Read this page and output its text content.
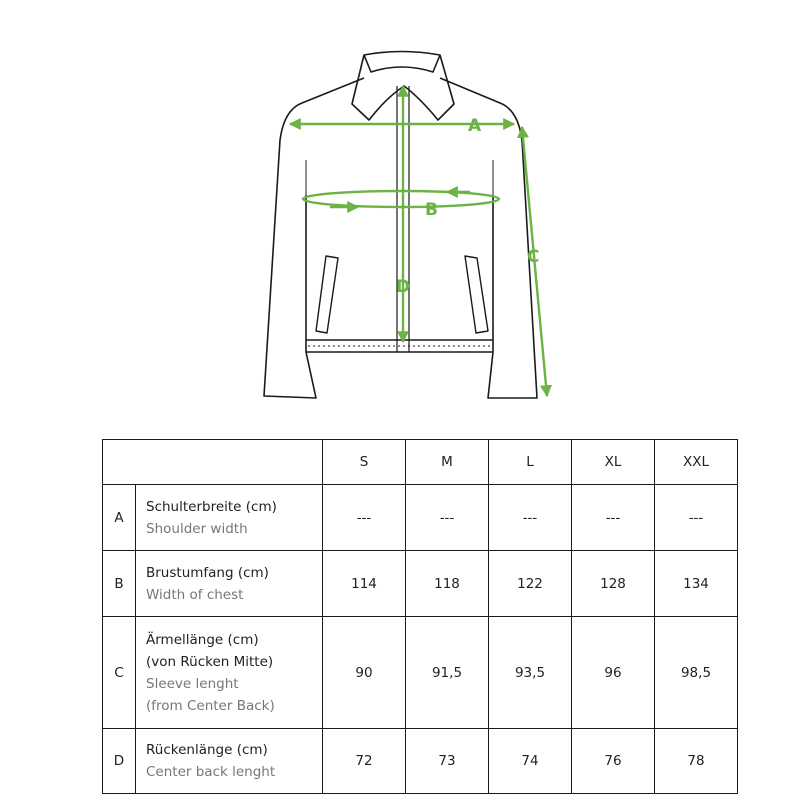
A
B
C
D
		S	M	L	XL	XXL
A	Schulterbreite (cm)
Shoulder width	---	---	---	---	---
B	Brustumfang (cm)
Width of chest	114	118	122	128	134
C	Ärmellänge (cm)
(von Rücken Mitte)
Sleeve lenght
(from Center Back)	90	91,5	93,5	96	98,5
D	Rückenlänge (cm)
Center back lenght	72	73	74	76	78
